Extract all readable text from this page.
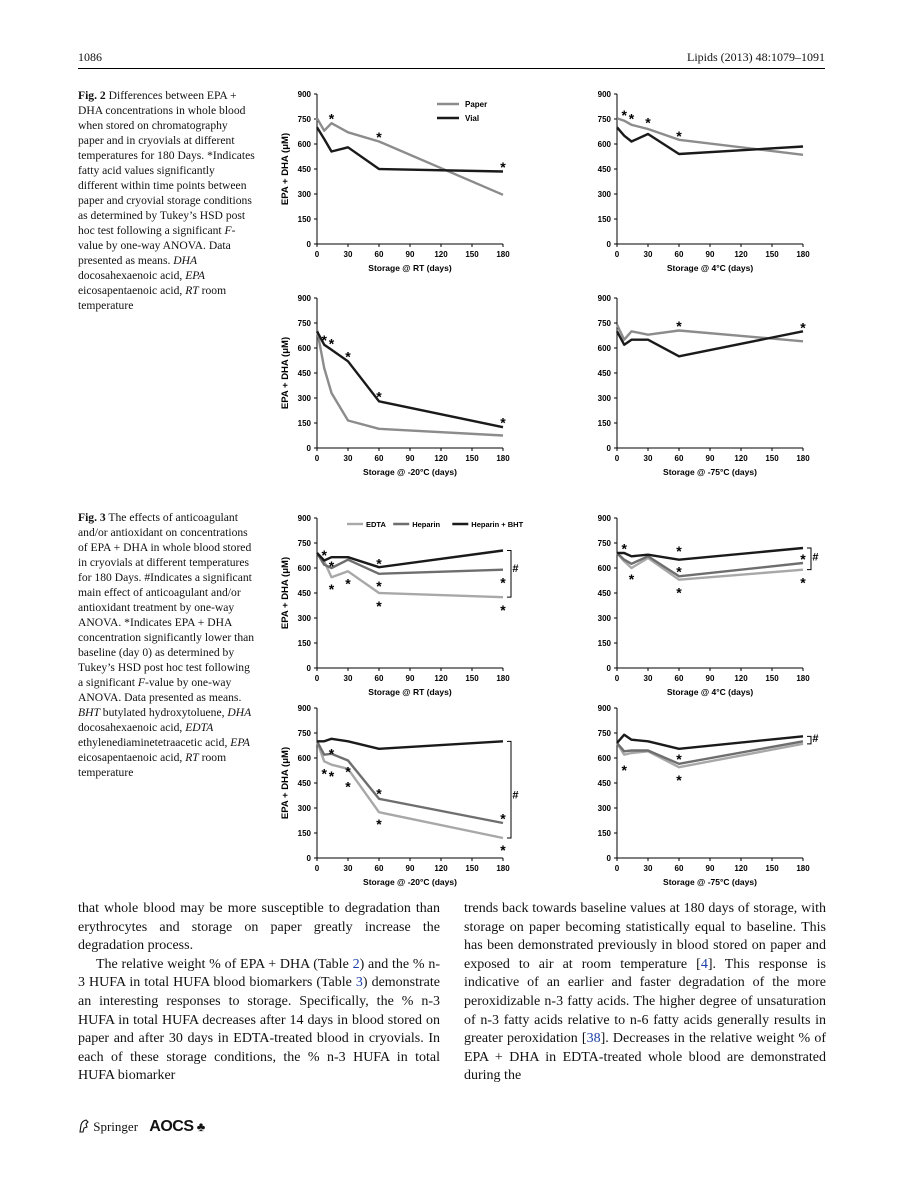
1086	Lipids (2013) 48:1079–1091
Fig. 2 Differences between EPA + DHA concentrations in whole blood when stored on chromatography paper and in cryovials at different temperatures for 180 Days. *Indicates fatty acid values significantly different within time points between paper and cryovial storage conditions as determined by Tukey’s HSD post hoc test following a significant F-value by one-way ANOVA. Data presented as means. DHA docosahexaenoic acid, EPA eicosapentaenoic acid, RT room temperature
Fig. 3 The effects of anticoagulant and/or antioxidant on concentrations of EPA + DHA in whole blood stored in cryovials at different temperatures for 180 Days. #Indicates a significant main effect of anticoagulant and/or antioxidant treatment by one-way ANOVA. *Indicates EPA + DHA concentration significantly lower than baseline (day 0) as determined by Tukey’s HSD post hoc test following a significant F-value by one-way ANOVA. Data presented as means. BHT butylated hydroxytoluene, DHA docosahexaenoic acid, EDTA ethylenediaminetetraacetic acid, EPA eicosapentaenoic acid, RT room temperature
0
150
300
450
600
750
900
0	30	60	90 120 150 180
Storage @ RT (days)
EPA + DHA (μM)
*
*
*
Paper
Vial
0
150
300
450
600
750
900
0	30	60	90 120 150 180
Storage @ 4°C (days)
* * *
*
0
150
300
450
600
750
900
0	30	60	90 120 150 180
Storage @ -20°C (days)
EPA + DHA (μM) * *
*
*
*
0
150
300
450
600
750
900
0	30	60	90 120 150 180
Storage @ -75°C (days)
*	*
0
150
300
450
600
750
900
0	30	60	90 120 150 180
Storage @ RT (days)
EPA + DHA (μM)
*
*
* *
*
*
*
*
*
#
EDTA	Heparin	Heparin + BHT
0
150
300
450
600
750
900
0	30	60	90 120 150 180
Storage @ 4°C (days)
*
*
*
*
*
*
*
#
0
150
300
450
600
750
900
0	30	60	90 120 150 180
Storage @ -20°C (days)
EPA + DHA (μM) *
*
* *
* *
*	*
*
#
0
150
300
450
600
750
900
0	30	60	90 120 150 180
Storage @ -75°C (days)
*
*
*
#

that whole blood may be more susceptible to degradation than erythrocytes and storage on paper greatly increase the degradation process.

The relative weight % of EPA + DHA (Table 2) and the % n-3 HUFA in total HUFA blood biomarkers (Table 3) demonstrate an interesting responses to storage. Specifically, the % n-3 HUFA in total HUFA decreases after 14 days in blood stored on paper and after 30 days in EDTA-treated blood in cryovials. In each of these storage conditions, the % n-3 HUFA in total HUFA biomarker

trends back towards baseline values at 180 days of storage, with storage on paper becoming statistically equal to baseline. This has been demonstrated previously in blood stored on paper and exposed to air at room temperature [4]. This response is indicative of an earlier and faster degradation of the more peroxidizable n-3 fatty acids. The higher degree of unsaturation of n-3 fatty acids relative to n-6 fatty acids generally results in greater peroxidation [38]. Decreases in the relative weight % of EPA + DHA in EDTA-treated whole blood are demonstrated during the

Springer AOCS ♣
